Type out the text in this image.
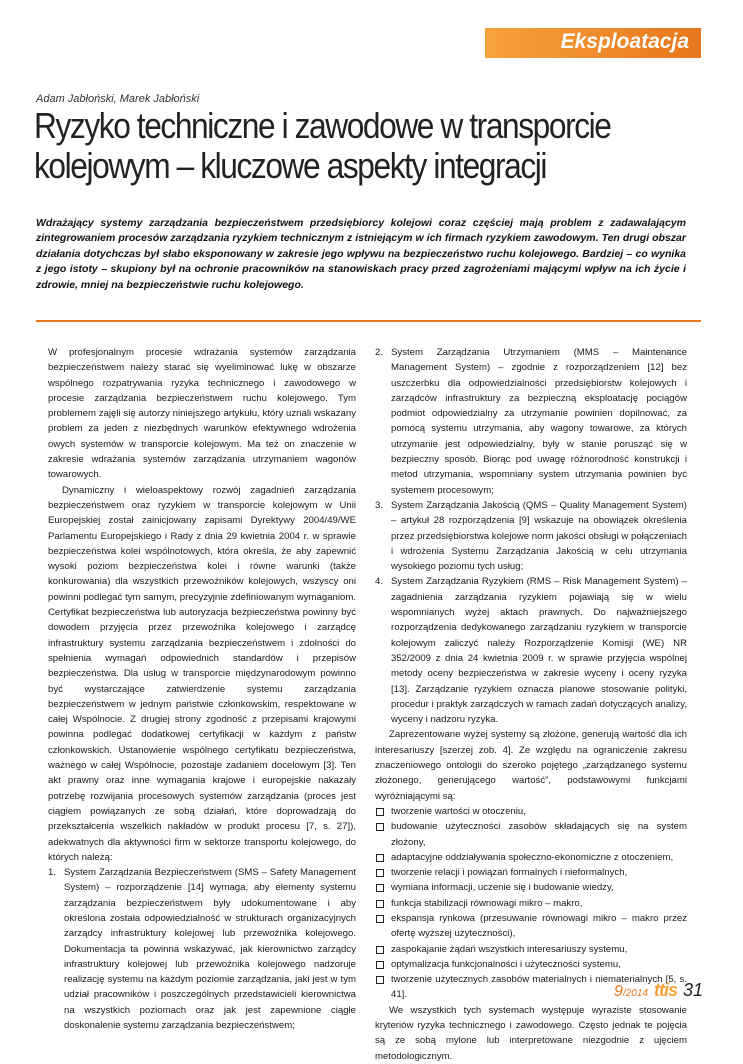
Eksploatacja
Adam Jabłoński, Marek Jabłoński
Ryzyko techniczne i zawodowe w transporcie kolejowym – kluczowe aspekty integracji
Wdrażający systemy zarządzania bezpieczeństwem przedsiębiorcy kolejowi coraz częściej mają problem z zadawalającym zintegrowaniem procesów zarządzania ryzykiem technicznym z istniejącym w ich firmach ryzykiem zawodowym. Ten drugi obszar działania dotychczas był słabo eksponowany w zakresie jego wpływu na bezpieczeństwo ruchu kolejowego. Bardziej – co wynika z jego istoty – skupiony był na ochronie pracowników na stanowiskach pracy przed zagrożeniami mającymi wpływ na ich życie i zdrowie, mniej na bezpieczeństwie ruchu kolejowego.

W profesjonalnym procesie wdrażania systemów zarządzania bezpieczeństwem należy starać się wyeliminować lukę w obszarze wspólnego rozpatrywania ryzyka technicznego i zawodowego w procesie zarządzania bezpieczeństwem ruchu kolejowego. Tym problemem zajęli się autorzy niniejszego artykułu, który uznali wskazany problem za jeden z niezbędnych warunków efektywnego wdrożenia owych systemów w transporcie kolejowym. Ma też on znaczenie w zakresie wdrażania systemów zarządzania utrzymaniem wagonów towarowych.

Dynamiczny i wieloaspektowy rozwój zagadnień zarządzania bezpieczeństwem oraz ryzykiem w transporcie kolejowym w Unii Europejskiej został zainicjowany zapisami Dyrektywy 2004/49/WE Parlamentu Europejskiego i Rady z dnia 29 kwietnia 2004 r. w sprawie bezpieczeństwa kolei wspólnotowych, która określa, że aby zapewnić wysoki poziom bezpieczeństwa kolei i równe warunki (także konkurowania) dla wszystkich przewoźników kolejowych, wszyscy oni powinni podlegać tym samym, precyzyjnie zdefiniowanym wymaganiom. Certyfikat bezpieczeństwa lub autoryzacja bezpieczeństwa powinny być dowodem przyjęcia przez przewoźnika kolejowego i zarządcę infrastruktury systemu zarządzania bezpieczeństwem i zdolności do spełnienia wymagań odpowiednich standardów i przepisów bezpieczeństwa. Dla usług w transporcie międzynarodowym powinno być wystarczające zatwierdzenie systemu zarządzania bezpieczeństwem w jednym państwie członkowskim, respektowane w całej Wspólnocie. Z drugiej strony zgodność z przepisami krajowymi powinna podlegać dodatkowej certyfikacji w każdym z państw członkowskich. Ustanowienie wspólnego certyfikatu bezpieczeństwa, ważnego w całej Wspólnocie, pozostaje zadaniem docelowym [3]. Ten akt prawny oraz inne wymagania krajowe i europejskie nakazały potrzebę rozwijania procesowych systemów zarządzania (proces jest ciągiem powiązanych ze sobą działań, które doprowadzają do przekształcenia wszelkich nakładów w produkt procesu [7, s. 27]), adekwatnych dla aktywności firm w sektorze transportu kolejowego, do których należą:

1. System Zarządzania Bezpieczeństwem (SMS – Safety Management System) – rozporządzenie [14] wymaga, aby elementy systemu zarządzania bezpieczeństwem były udokumentowane i aby określona została odpowiedzialność w strukturach organizacyjnych zarządcy infrastruktury kolejowej lub przewoźnika kolejowego. Dokumentacja ta powinna wskazywać, jak kierownictwo zarządcy infrastruktury kolejowej lub przewoźnika kolejowego nadzoruje realizację systemu na każdym poziomie zarządzania, jaki jest w tym udział pracowników i poszczególnych przedstawicieli kierownictwa na wszystkich poziomach oraz jak jest zapewnione ciągłe doskonalenie systemu zarządzania bezpieczeństwem;
2. System Zarządzania Utrzymaniem (MMS – Maintenance Management System) – zgodnie z rozporządzeniem [12] bez uszczerbku dla odpowiedzialności przedsiębiorstw kolejowych i zarządców infrastruktury za bezpieczną eksploatację pociągów podmiot odpowiedzialny za utrzymanie powinien dopilnować, za pomocą systemu utrzymania, aby wagony towarowe, za których utrzymanie jest odpowiedzialny, były w stanie porusząć się w bezpieczny sposób. Biorąc pod uwagę różnorodność konstrukcji i metod utrzymania, wspomniany system utrzymania powinien być systemem procesowym;
3. System Zarządzania Jakością (QMS – Quality Management System) – artykuł 28 rozporządzenia [9] wskazuje na obowiązek określenia przez przedsiębiorstwa kolejowe norm jakości obsługi w połączeniach i wdrożenia Systemu Zarządzania Jakością w celu utrzymania wysokiego poziomu tych usług;
4. System Zarządzania Ryzykiem (RMS – Risk Management System) – zagadnienia zarządzania ryzykiem pojawiają się w wielu wspomnianych wyżej aktach prawnych. Do najważniejszego rozporządzenia dedykowanego zarządzaniu ryzykiem w transporcie kolejowym zaliczyć należy Rozporządzenie Komisji (WE) NR 352/2009 z dnia 24 kwietnia 2009 r. w sprawie przyjęcia wspólnej metody oceny bezpieczeństwa w zakresie wyceny i oceny ryzyka [13]. Zarządzanie ryzykiem oznacza planowe stosowanie polityki, procedur i praktyk zarządczych w ramach zadań dotyczących analizy, wyceny i nadzoru ryzyka.

Zaprezentowane wyżej systemy są złożone, generują wartość dla ich interesariuszy [szerzej zob. 4]. Ze względu na ograniczenie zakresu znaczeniowego ontologii do szeroko pojętego „zarządzanego systemu złożonego, generującego wartość”, podstawowymi funkcjami wyróżniającymi są:

tworzenie wartości w otoczeniu,
budowanie użyteczności zasobów składających się na system złożony,
adaptacyjne oddziaływania społeczno-ekonomiczne z otoczeniem,
tworzenie relacji i powiązań formalnych i nieformalnych,
wymiana informacji, uczenie się i budowanie wiedzy,
funkcja stabilizacji równowagi mikro – makro,
ekspansja rynkowa (przesuwanie równowagi mikro – makro przez ofertę wyższej użyteczności),
zaspokajanie żądań wszystkich interesariuszy systemu,
optymalizacja funkcjonalności i użyteczności systemu,
tworzenie użytecznych zasobów materialnych i niematerialnych [5, s. 41].

We wszystkich tych systemach występuje wyraziste stosowanie kryteriów ryzyka technicznego i zawodowego. Często jednak te pojęcia są ze sobą mylone lub interpretowane niezgodnie z ujęciem metodologicznym.

9/2014 ttis 31
